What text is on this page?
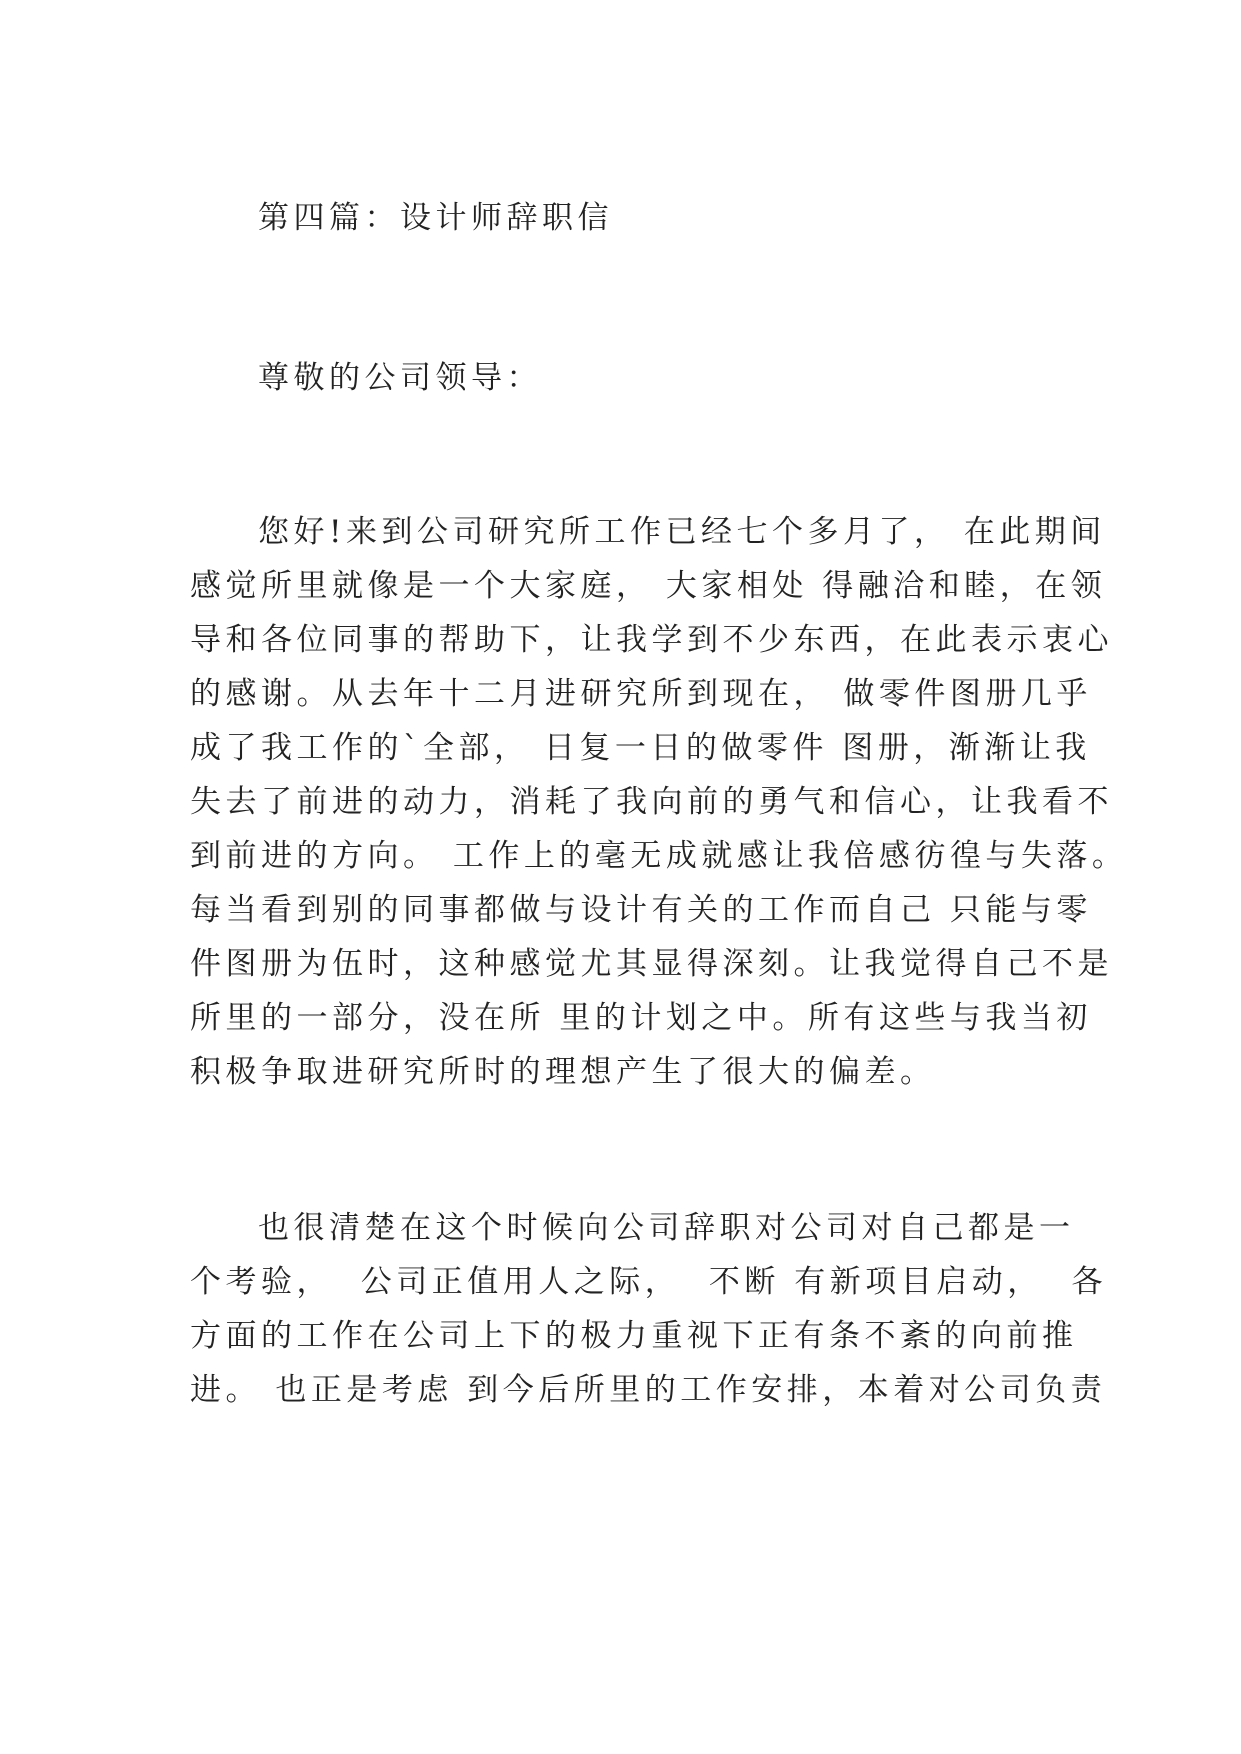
第四篇：设计师辞职信
尊敬的公司领导：
您好!来到公司研究所工作已经七个多月了， 在此期间
感觉所里就像是一个大家庭， 大家相处 得融洽和睦，在领
导和各位同事的帮助下，让我学到不少东西，在此表示衷心
的感谢。从去年十二月进研究所到现在， 做零件图册几乎
成了我工作的`全部， 日复一日的做零件 图册，渐渐让我
失去了前进的动力，消耗了我向前的勇气和信心，让我看不
到前进的方向。 工作上的毫无成就感让我倍感彷徨与失落。
每当看到别的同事都做与设计有关的工作而自己 只能与零
件图册为伍时，这种感觉尤其显得深刻。让我觉得自己不是
所里的一部分，没在所 里的计划之中。所有这些与我当初
积极争取进研究所时的理想产生了很大的偏差。
也很清楚在这个时候向公司辞职对公司对自己都是一
个考验，  公司正值用人之际，  不断 有新项目启动，  各
方面的工作在公司上下的极力重视下正有条不紊的向前推
进。 也正是考虑 到今后所里的工作安排，本着对公司负责
